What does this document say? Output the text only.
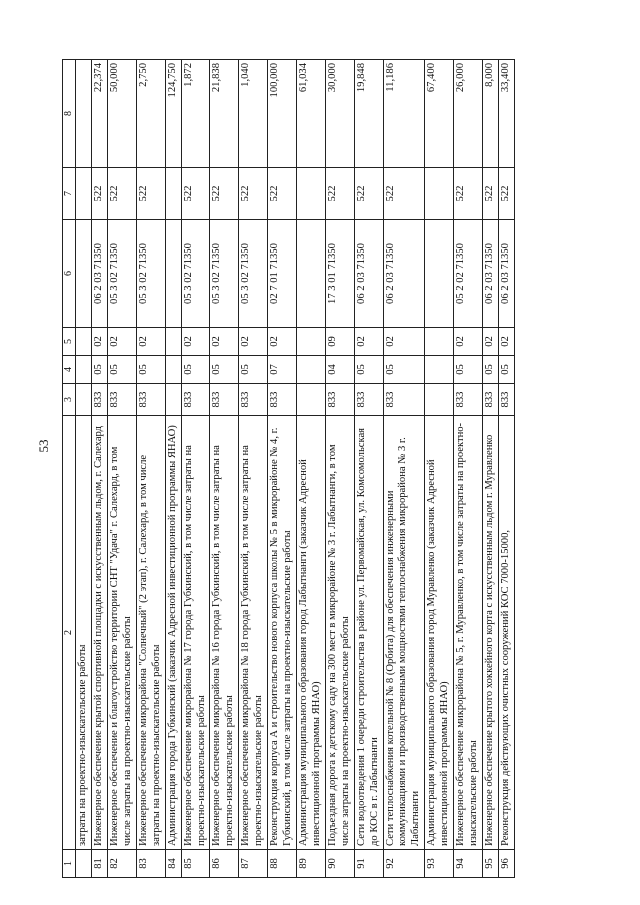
53
1	2	3	4	5	6	7	8
	затраты на проектно-изыскательские работы						
81	Инженерное обеспечение крытой спортивной площадки с искусственным льдом, г. Салехард	833	05	02	06 2 03 71350	522	22,374
82	Инженерное обеспечение и благоустройство территории СНТ "Удача" г. Салехард, в том числе затраты на проектно-изыскательские работы	833	05	02	05 3 02 71350	522	50,000
83	Инженерное обеспечение микрорайона "Солнечный" (2 этап), г. Салехард, в том числе затраты на проектно-изыскательские работы	833	05	02	05 3 02 71350	522	2,750
84	Администрация города Губкинский (заказчик Адресной инвестиционной программы ЯНАО)						124,750
85	Инженерное обеспечение микрорайона № 17 города Губкинский, в том числе затраты на проектно-изыскательские работы	833	05	02	05 3 02 71350	522	1,872
86	Инженерное обеспечение микрорайона № 16 города Губкинский, в том числе затраты на проектно-изыскательские работы	833	05	02	05 3 02 71350	522	21,838
87	Инженерное обеспечение микрорайона № 18 города Губкинский, в том числе затраты на проектно-изыскательские работы	833	05	02	05 3 02 71350	522	1,040
88	Реконструкция корпуса А и строительство нового корпуса школы № 5 в микрорайоне № 4, г. Губкинский, в том числе затраты на проектно-изыскательские работы	833	07	02	02 7 01 71350	522	100,000
89	Администрация муниципального образования город Лабытнанги (заказчик Адресной инвестиционной программы ЯНАО)						61,034
90	Подъездная дорога к детскому саду на 300 мест в микрорайоне № 3 г. Лабытнанги, в том числе затраты на проектно-изыскательские работы	833	04	09	17 3 01 71350	522	30,000
91	Сети водоотведения 1 очереди строительства в районе ул. Первомайская, ул. Комсомольская до КОС в г. Лабытнанги	833	05	02	06 2 03 71350	522	19,848
92	Сети теплоснабжения котельной № 8 (Орбита) для обеспечения инженерными коммуникациями и производственными мощностями теплоснабжения микрорайона № 3 г. Лабытнанги	833	05	02	06 2 03 71350	522	11,186
93	Администрация муниципального образования город Муравленко (заказчик Адресной инвестиционной программы ЯНАО)						67,400
94	Инженерное обеспечение микрорайона № 5, г. Муравленко, в том числе затраты на проектно-изыскательские работы	833	05	02	05 2 02 71350	522	26,000
95	Инженерное обеспечение крытого хоккейного корта с искусственным льдом г. Муравленко	833	05	02	06 2 03 71350	522	8,000
96	Реконструкция действующих очистных сооружений КОС 7000-15000,	833	05	02	06 2 03 71350	522	33,400
